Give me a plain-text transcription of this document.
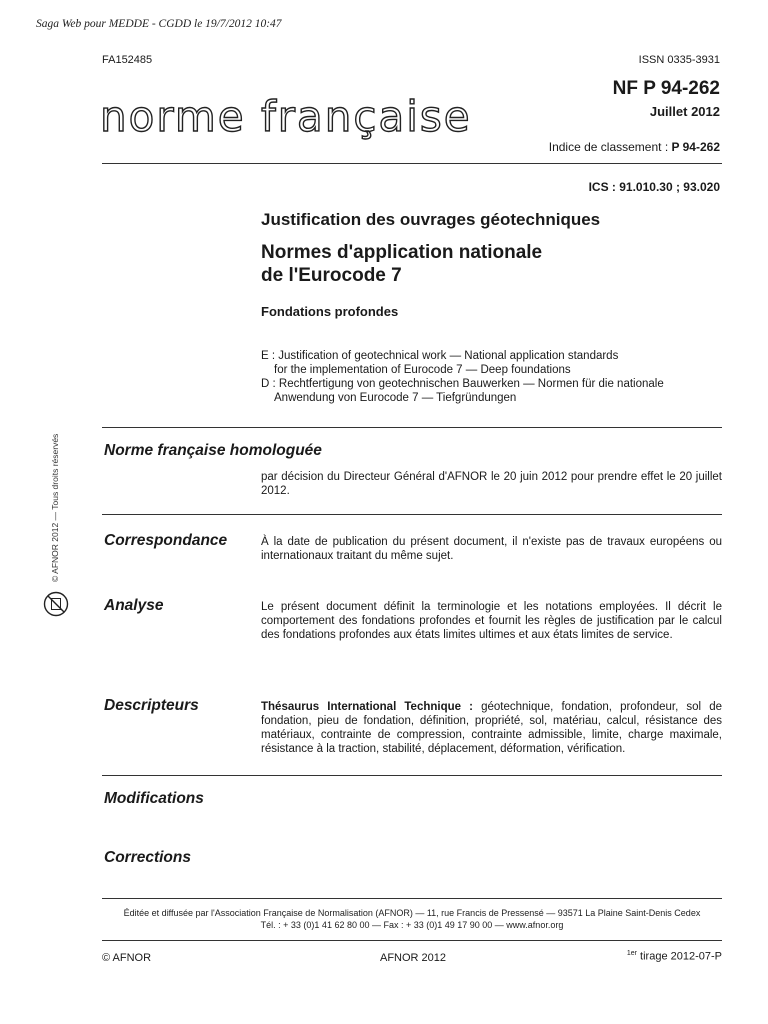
Saga Web pour MEDDE - CGDD le 19/7/2012 10:47
FA152485	ISSN 0335-3931
norme française
NF P 94-262
Juillet 2012
Indice de classement : P 94-262
ICS : 91.010.30 ; 93.020
Justification des ouvrages géotechniques
Normes d'application nationale
de l'Eurocode 7
Fondations profondes
E : Justification of geotechnical work — National application standards
for the implementation of Eurocode 7 — Deep foundations
D : Rechtfertigung von geotechnischen Bauwerken — Normen für die nationale
Anwendung von Eurocode 7 — Tiefgründungen
Norme française homologuée
par décision du Directeur Général d'AFNOR le 20 juin 2012 pour prendre effet le 20 juillet 2012.
Correspondance	À la date de publication du présent document, il n'existe pas de travaux européens ou internationaux traitant du même sujet.
Analyse	Le présent document définit la terminologie et les notations employées. Il décrit le comportement des fondations profondes et fournit les règles de justification par le calcul des fondations profondes aux états limites ultimes et aux états limites de service.
Descripteurs	Thésaurus International Technique : géotechnique, fondation, profondeur, sol de fondation, pieu de fondation, définition, propriété, sol, matériau, calcul, résistance des matériaux, contrainte de compression, contrainte admissible, limite, charge maximale, résistance à la traction, stabilité, déplacement, déformation, vérification.
Modifications
Corrections
© AFNOR 2012 — Tous droits réservés
Éditée et diffusée par l'Association Française de Normalisation (AFNOR) — 11, rue Francis de Pressensé — 93571 La Plaine Saint-Denis Cedex
Tél. : + 33 (0)1 41 62 80 00 — Fax : + 33 (0)1 49 17 90 00 — www.afnor.org
© AFNOR	AFNOR 2012	$^{1er}$ tirage 2012-07-P
